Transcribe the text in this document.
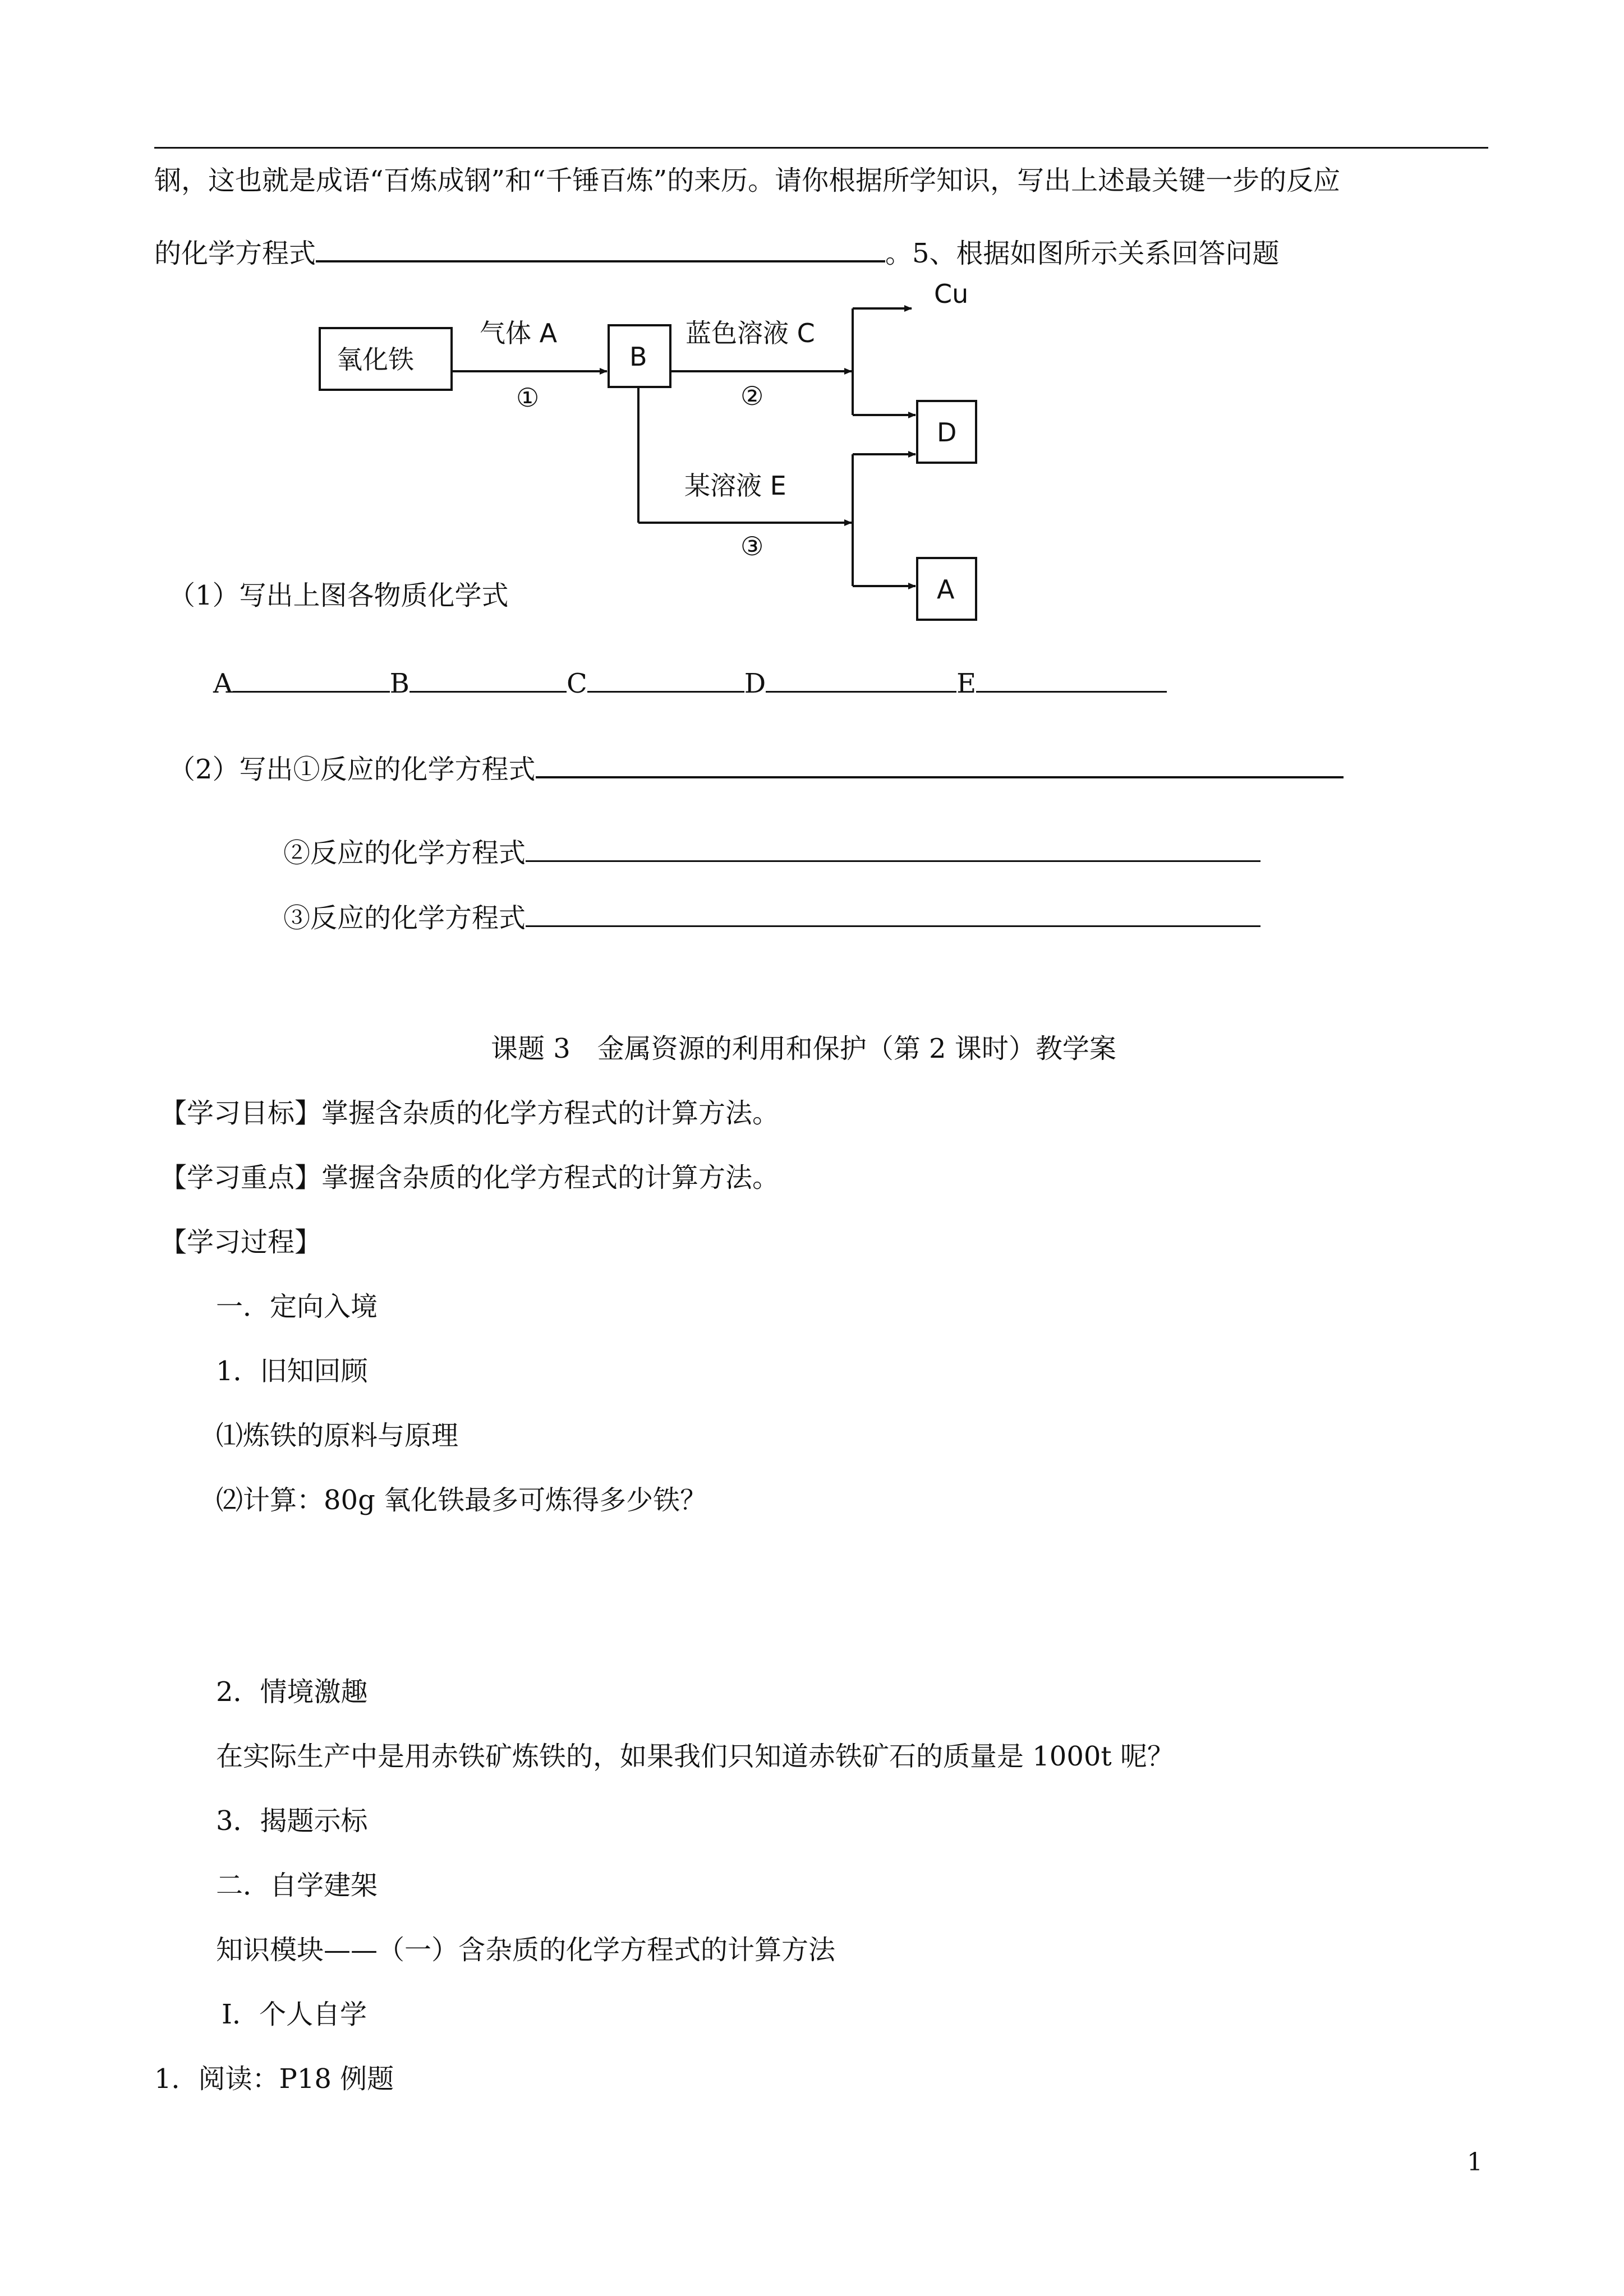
钢，这也就是成语“百炼成钢”和“千锤百炼”的来历。请你根据所学知识，写出上述最关键一步的反应
的化学方程式	。5、根据如图所示关系回答问题
氧化铁
气体 A
①
B
蓝色溶液 C
②
Cu
D
某溶液 E
③
A
（1）写出上图各物质化学式
A	B	C	D	E
（2）写出①反应的化学方程式
②反应的化学方程式
③反应的化学方程式
课题 3　金属资源的利用和保护（第 2 课时）教学案
【学习目标】掌握含杂质的化学方程式的计算方法。
【学习重点】掌握含杂质的化学方程式的计算方法。
【学习过程】
一．定向入境
1．旧知回顾
⑴炼铁的原料与原理
⑵计算：80g 氧化铁最多可炼得多少铁？
2．情境激趣
在实际生产中是用赤铁矿炼铁的，如果我们只知道赤铁矿石的质量是 1000t 呢？
3．揭题示标
二．自学建架
知识模块——（一）含杂质的化学方程式的计算方法
Ⅰ．个人自学
1．阅读：P18 例题
1
